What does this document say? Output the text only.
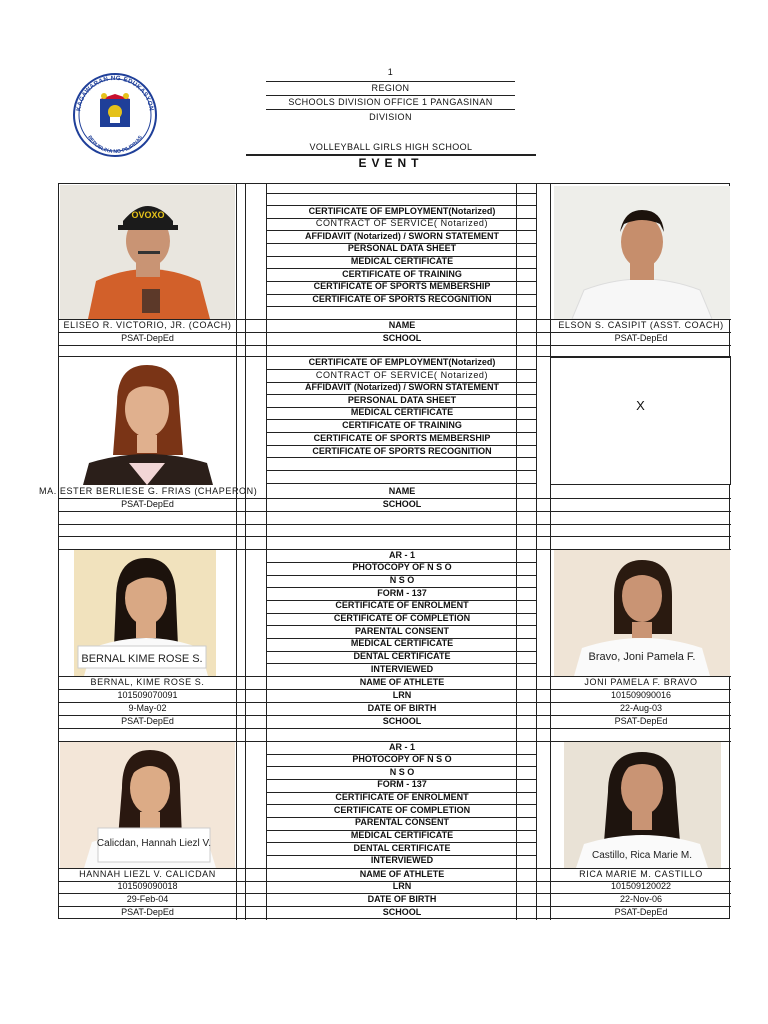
KAGAWARAN NG EDUKASYON
REPUBLIKA NG PILIPINAS
1
REGION
SCHOOLS DIVISION OFFICE 1 PANGASINAN
DIVISION
VOLLEYBALL GIRLS HIGH SCHOOL
EVENT
CERTIFICATE OF EMPLOYMENT(Notarized)
CONTRACT OF SERVICE( Notarized)
AFFIDAVIT (Notarized) / SWORN STATEMENT
PERSONAL DATA SHEET
MEDICAL CERTIFICATE
CERTIFICATE OF TRAINING
CERTIFICATE OF SPORTS MEMBERSHIP
CERTIFICATE OF SPORTS RECOGNITION
NAME
SCHOOL
ELISEO R. VICTORIO, JR. (COACH)
PSAT-DepEd
ELSON S. CASIPIT (ASST. COACH)
PSAT-DepEd
OVOXO
CERTIFICATE OF EMPLOYMENT(Notarized)
CONTRACT OF SERVICE( Notarized)
AFFIDAVIT (Notarized) / SWORN STATEMENT
PERSONAL DATA SHEET
MEDICAL CERTIFICATE
CERTIFICATE OF TRAINING
CERTIFICATE OF SPORTS MEMBERSHIP
CERTIFICATE OF SPORTS RECOGNITION
NAME
SCHOOL
MA. ESTER BERLIESE G. FRIAS (CHAPERON)
PSAT-DepEd
X
AR - 1
PHOTOCOPY OF N S O
N S O
FORM - 137
CERTIFICATE OF ENROLMENT
CERTIFICATE OF COMPLETION
PARENTAL CONSENT
MEDICAL CERTIFICATE
DENTAL CERTIFICATE
INTERVIEWED
NAME OF ATHLETE
LRN
DATE OF BIRTH
SCHOOL
BERNAL, KIME ROSE S.
101509070091
9-May-02
PSAT-DepEd
JONI PAMELA F. BRAVO
101509090016
22-Aug-03
PSAT-DepEd
BERNAL KIME ROSE S.	Bravo, Joni Pamela F.
AR - 1
PHOTOCOPY OF N S O
N S O
FORM - 137
CERTIFICATE OF ENROLMENT
CERTIFICATE OF COMPLETION
PARENTAL CONSENT
MEDICAL CERTIFICATE
DENTAL CERTIFICATE
INTERVIEWED
NAME OF ATHLETE
LRN
DATE OF BIRTH
SCHOOL
HANNAH LIEZL V. CALICDAN
101509090018
29-Feb-04
PSAT-DepEd
RICA MARIE M. CASTILLO
101509120022
22-Nov-06
PSAT-DepEd
Calicdan, Hannah Liezl V.
Castillo, Rica Marie M.
